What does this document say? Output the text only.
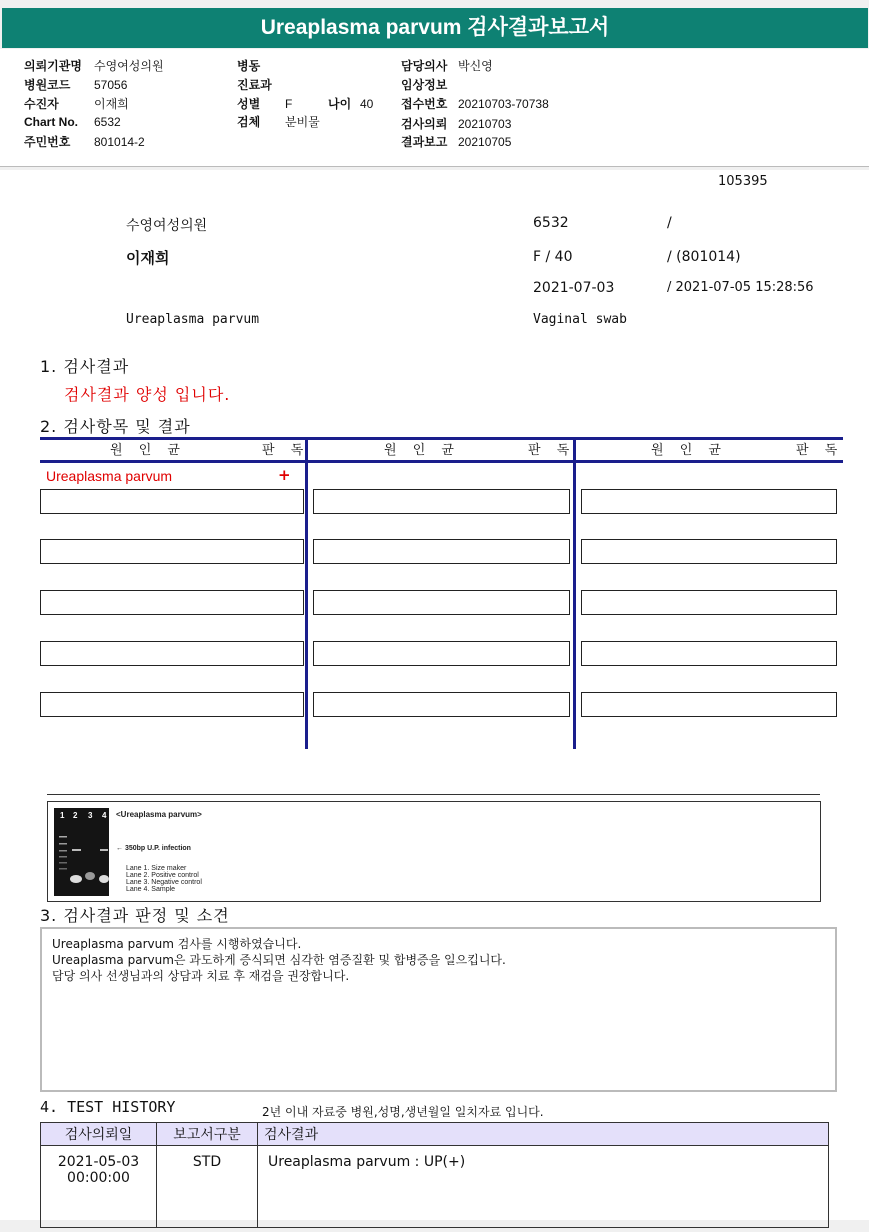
Ureaplasma parvum 검사결과보고서
의뢰기관명 수영여성의원
병원코드 57056
수진자	이재희
Chart No. 6532
주민번호 801014-2
병동
진료과
성별 F	나이 40
검체 분비물
담당의사 박신영
임상정보
접수번호 20210703-70738
검사의뢰 20210703
결과보고 20210705
105395
수영여성의원	6532	/
이재희	F / 40	/ (801014)
2021-07-03	/ 2021-07-05 15:28:56
Ureaplasma parvum	Vaginal swab
1. 검사결과
검사결과 양성 입니다.
2. 검사항목 및 결과
원 인 균	판 독	원 인 균	판 독	원 인 균	판 독
Ureaplasma parvum	+
1 2 3 4 <Ureaplasma parvum>
← 350bp U.P. infection
Lane 1. Size maker
Lane 2. Positive control
Lane 3. Negative control
Lane 4. Sample
3. 검사결과 판정 및 소견
Ureaplasma parvum 검사를 시행하였습니다.
Ureaplasma parvum은 과도하게 증식되면 심각한 염증질환 및 합병증을 일으킵니다.
담당 의사 선생님과의 상담과 치료 후 재검을 권장합니다.
4. TEST HISTORY	2년 이내 자료중 병원,성명,생년월일 일치자료 입니다.
검사의뢰일	보고서구분	검사결과

2021-05-03
00:00:00	STD	Ureaplasma parvum : UP(+)
